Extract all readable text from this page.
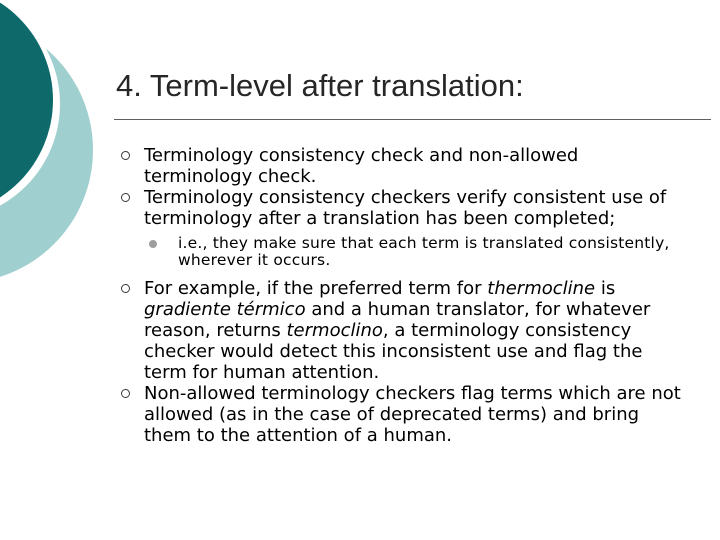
4. Term-level after translation:
Terminology consistency check and non-allowed terminology check.
Terminology consistency checkers verify consistent use of terminology after a translation has been completed;
i.e., they make sure that each term is translated consistently, wherever it occurs.
For example, if the preferred term for thermocline is gradiente térmico and a human translator, for whatever reason, returns termoclino, a terminology consistency checker would detect this inconsistent use and flag the term for human attention.
Non-allowed terminology checkers flag terms which are not allowed (as in the case of deprecated terms) and bring them to the attention of a human.
